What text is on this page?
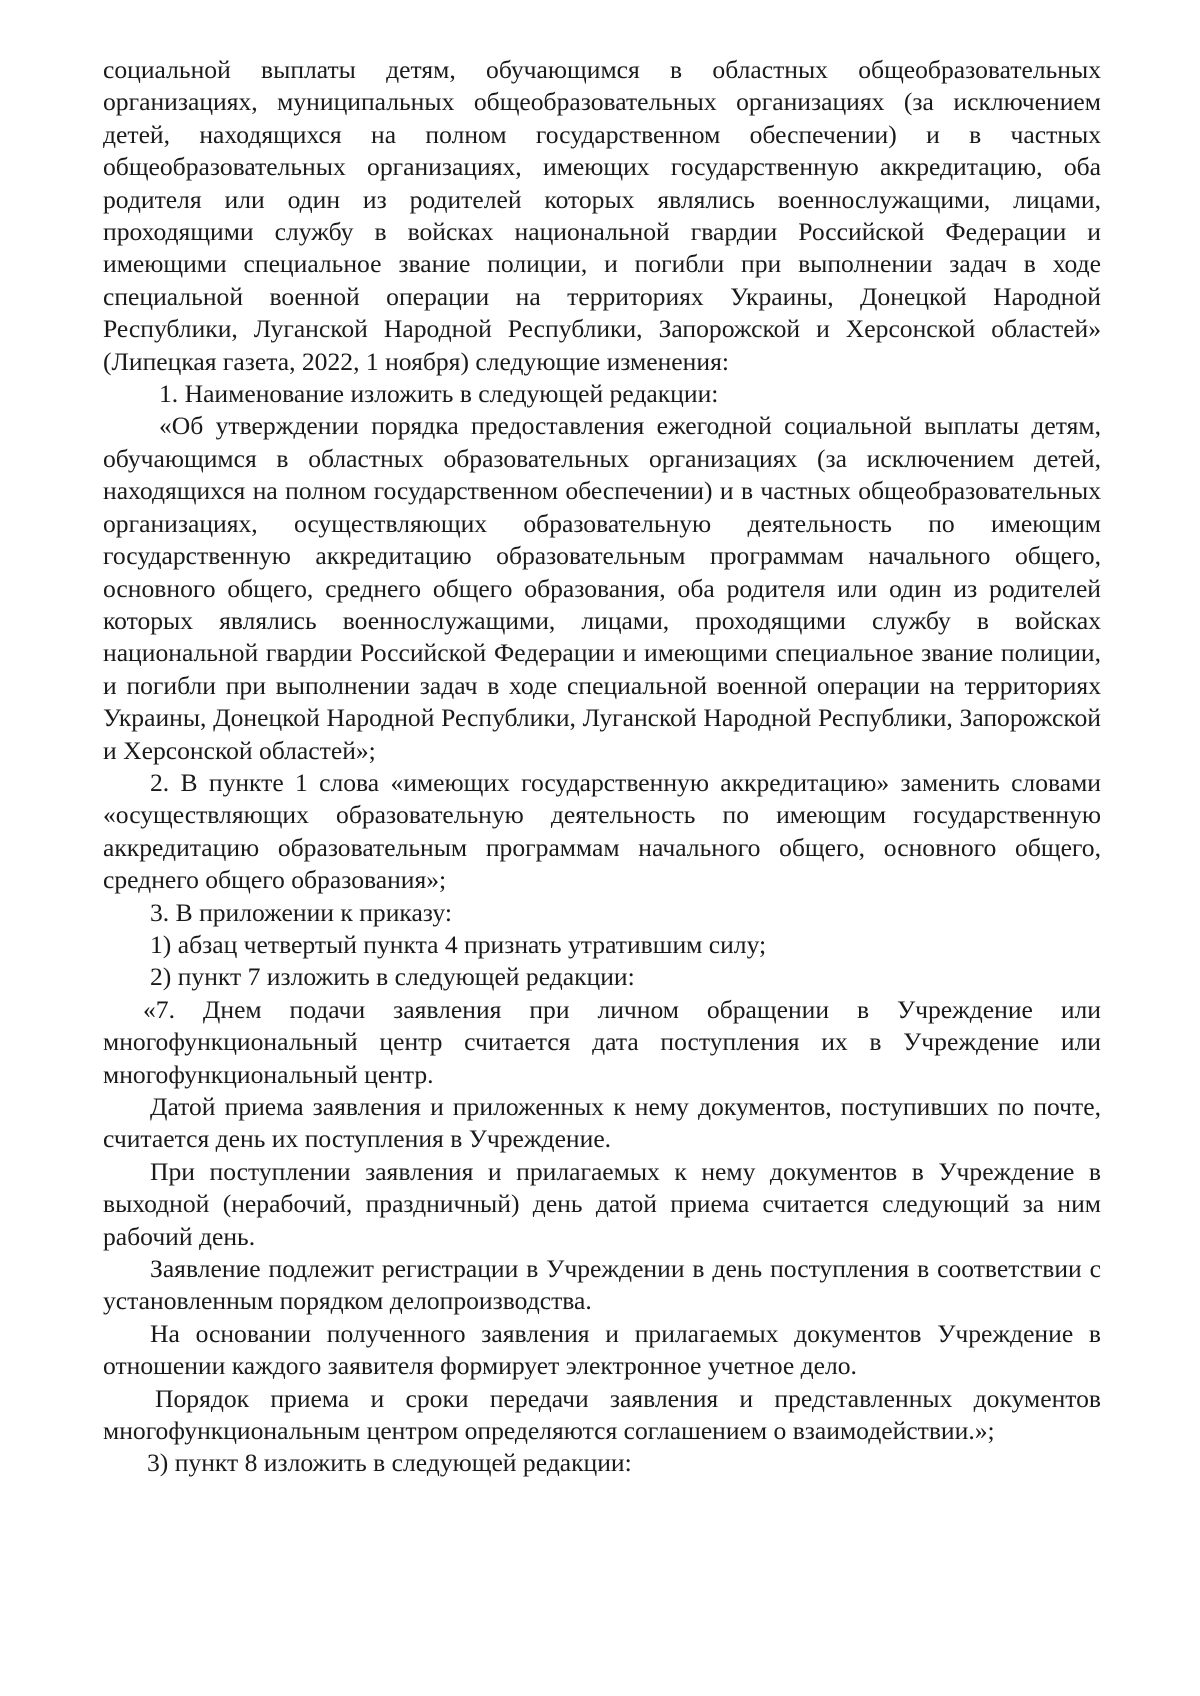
социальной выплаты детям, обучающимся в областных общеобразовательных организациях, муниципальных общеобразовательных организациях (за исключением детей, находящихся на полном государственном обеспечении) и в частных общеобразовательных организациях, имеющих государственную аккредитацию, оба родителя или один из родителей которых являлись военнослужащими, лицами, проходящими службу в войсках национальной гвардии Российской Федерации и имеющими специальное звание полиции, и погибли при выполнении задач в ходе специальной военной операции на территориях Украины, Донецкой Народной Республики, Луганской Народной Республики, Запорожской и Херсонской областей» (Липецкая газета, 2022, 1 ноября) следующие изменения:

1. Наименование изложить в следующей редакции:

«Об утверждении порядка предоставления ежегодной социальной выплаты детям, обучающимся в областных образовательных организациях (за исключением детей, находящихся на полном государственном обеспечении) и в частных общеобразовательных организациях, осуществляющих образовательную деятельность по имеющим государственную аккредитацию образовательным программам начального общего, основного общего, среднего общего образования, оба родителя или один из родителей которых являлись военнослужащими, лицами, проходящими службу в войсках национальной гвардии Российской Федерации и имеющими специальное звание полиции, и погибли при выполнении задач в ходе специальной военной операции на территориях Украины, Донецкой Народной Республики, Луганской Народной Республики, Запорожской и Херсонской областей»;

2. В пункте 1 слова «имеющих государственную аккредитацию» заменить словами «осуществляющих образовательную деятельность по имеющим государственную аккредитацию образовательным программам начального общего, основного общего, среднего общего образования»;

3. В приложении к приказу:

1) абзац четвертый пункта 4 признать утратившим силу;

2) пункт 7 изложить в следующей редакции:

«7. Днем подачи заявления при личном обращении в Учреждение или многофункциональный центр считается дата поступления их в Учреждение или многофункциональный центр.

Датой приема заявления и приложенных к нему документов, поступивших по почте, считается день их поступления в Учреждение.

При поступлении заявления и прилагаемых к нему документов в Учреждение в выходной (нерабочий, праздничный) день датой приема считается следующий за ним рабочий день.

Заявление подлежит регистрации в Учреждении в день поступления в соответствии с установленным порядком делопроизводства.

На основании полученного заявления и прилагаемых документов Учреждение в отношении каждого заявителя формирует электронное учетное дело.

Порядок приема и сроки передачи заявления и представленных документов многофункциональным центром определяются соглашением о взаимодействии.»;

3) пункт 8 изложить в следующей редакции:
